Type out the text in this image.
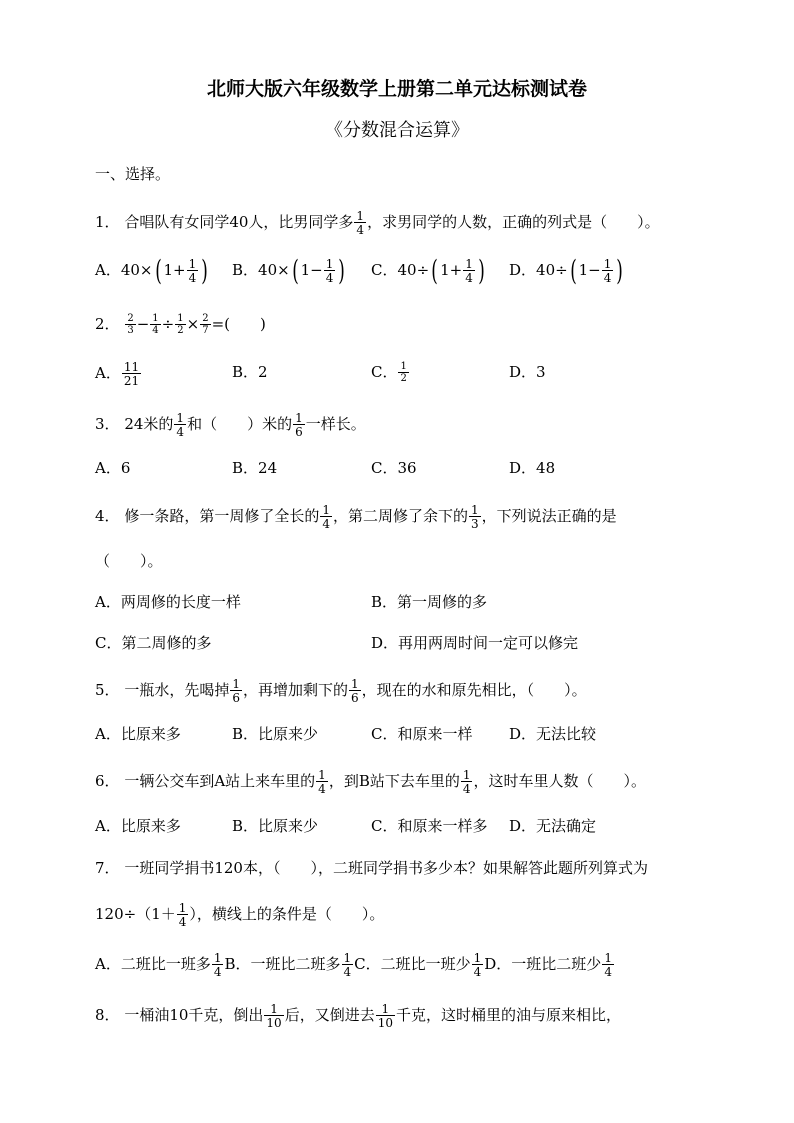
北师大版六年级数学上册第二单元达标测试卷
《分数混合运算》
一、选择。
1． 合唱队有女同学40人，比男同学多 $\frac{1}{4}$ ，求男同学的人数，正确的列式是（　　）。
A．40×( $1+ \frac{1}{4}$ ) B．40×( $1- \frac{1}{4}$ ) C．40÷( $1+ \frac{1}{4}$ ) D．40÷( $1- \frac{1}{4}$ )
2． $\frac{2}{3} - \frac{1}{4} \div \frac{1}{2} \times \frac{2}{7}$ =(　　)
A． $\frac{11}{21}$	B．2	C． $\frac{1}{2}$	D．3
3． 24米的 $\frac{1}{4}$ 和（　　）米的 $\frac{1}{6}$ 一样长。
A．6	B．24	C．36	D．48
4． 修一条路，第一周修了全长的 $\frac{1}{4}$ ，第二周修了余下的 $\frac{1}{3}$ ，下列说法正确的是
（　　）。
A．两周修的长度一样	B．第一周修的多
C．第二周修的多	D．再用两周时间一定可以修完
5． 一瓶水，先喝掉 $\frac{1}{6}$ ，再增加剩下的 $\frac{1}{6}$ ，现在的水和原先相比，（　　）。
A．比原来多	B．比原来少	C．和原来一样 D．无法比较
6． 一辆公交车到A站上来车里的 $\frac{1}{4}$ ，到B站下去车里的 $\frac{1}{4}$ ，这时车里人数（　　）。
A．比原来多	B．比原来少	C．和原来一样多 D．无法确定
7． 一班同学捐书120本，（　　），二班同学捐书多少本？如果解答此题所列算式为
$120\div(1+ \frac{1}{4}$ ），横线上的条件是（　　）。
A．二班比一班多 $\frac{1}{4}$ B．一班比二班多 $\frac{1}{4}$ C．二班比一班少 $\frac{1}{4}$ D．一班比二班少 $\frac{1}{4}$
8． 一桶油10千克，倒出 $\frac{1}{10}$ 后，又倒进去 $\frac{1}{10}$ 千克，这时桶里的油与原来相比，
